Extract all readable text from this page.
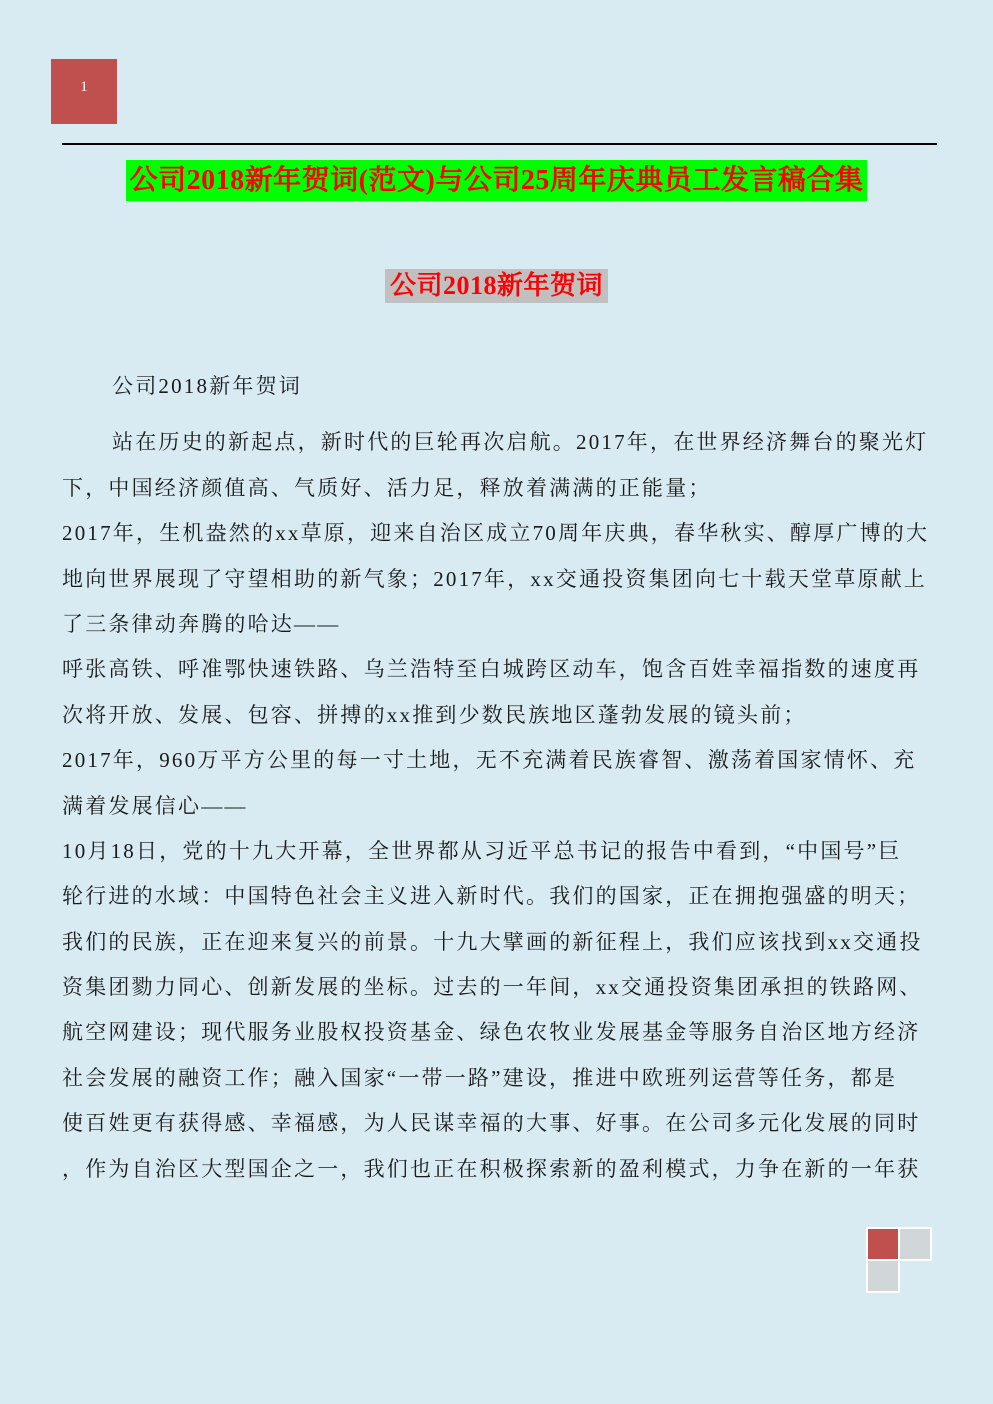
1
公司2018新年贺词(范文)与公司25周年庆典员工发言稿合集
公司2018新年贺词
公司2018新年贺词
站在历史的新起点，新时代的巨轮再次启航。2017年，在世界经济舞台的聚光灯
下，中国经济颜值高、气质好、活力足，释放着满满的正能量；
2017年，生机盎然的xx草原，迎来自治区成立70周年庆典，春华秋实、醇厚广博的大
地向世界展现了守望相助的新气象；2017年，xx交通投资集团向七十载天堂草原献上
了三条律动奔腾的哈达——
呼张高铁、呼准鄂快速铁路、乌兰浩特至白城跨区动车，饱含百姓幸福指数的速度再
次将开放、发展、包容、拼搏的xx推到少数民族地区蓬勃发展的镜头前；
2017年，960万平方公里的每一寸土地，无不充满着民族睿智、激荡着国家情怀、充
满着发展信心——
10月18日，党的十九大开幕，全世界都从习近平总书记的报告中看到，“中国号”巨
轮行进的水域：中国特色社会主义进入新时代。我们的国家，正在拥抱强盛的明天；
我们的民族，正在迎来复兴的前景。十九大擘画的新征程上，我们应该找到xx交通投
资集团勠力同心、创新发展的坐标。过去的一年间，xx交通投资集团承担的铁路网、
航空网建设；现代服务业股权投资基金、绿色农牧业发展基金等服务自治区地方经济
社会发展的融资工作；融入国家“一带一路”建设，推进中欧班列运营等任务，都是
使百姓更有获得感、幸福感，为人民谋幸福的大事、好事。在公司多元化发展的同时
，作为自治区大型国企之一，我们也正在积极探索新的盈利模式，力争在新的一年获
